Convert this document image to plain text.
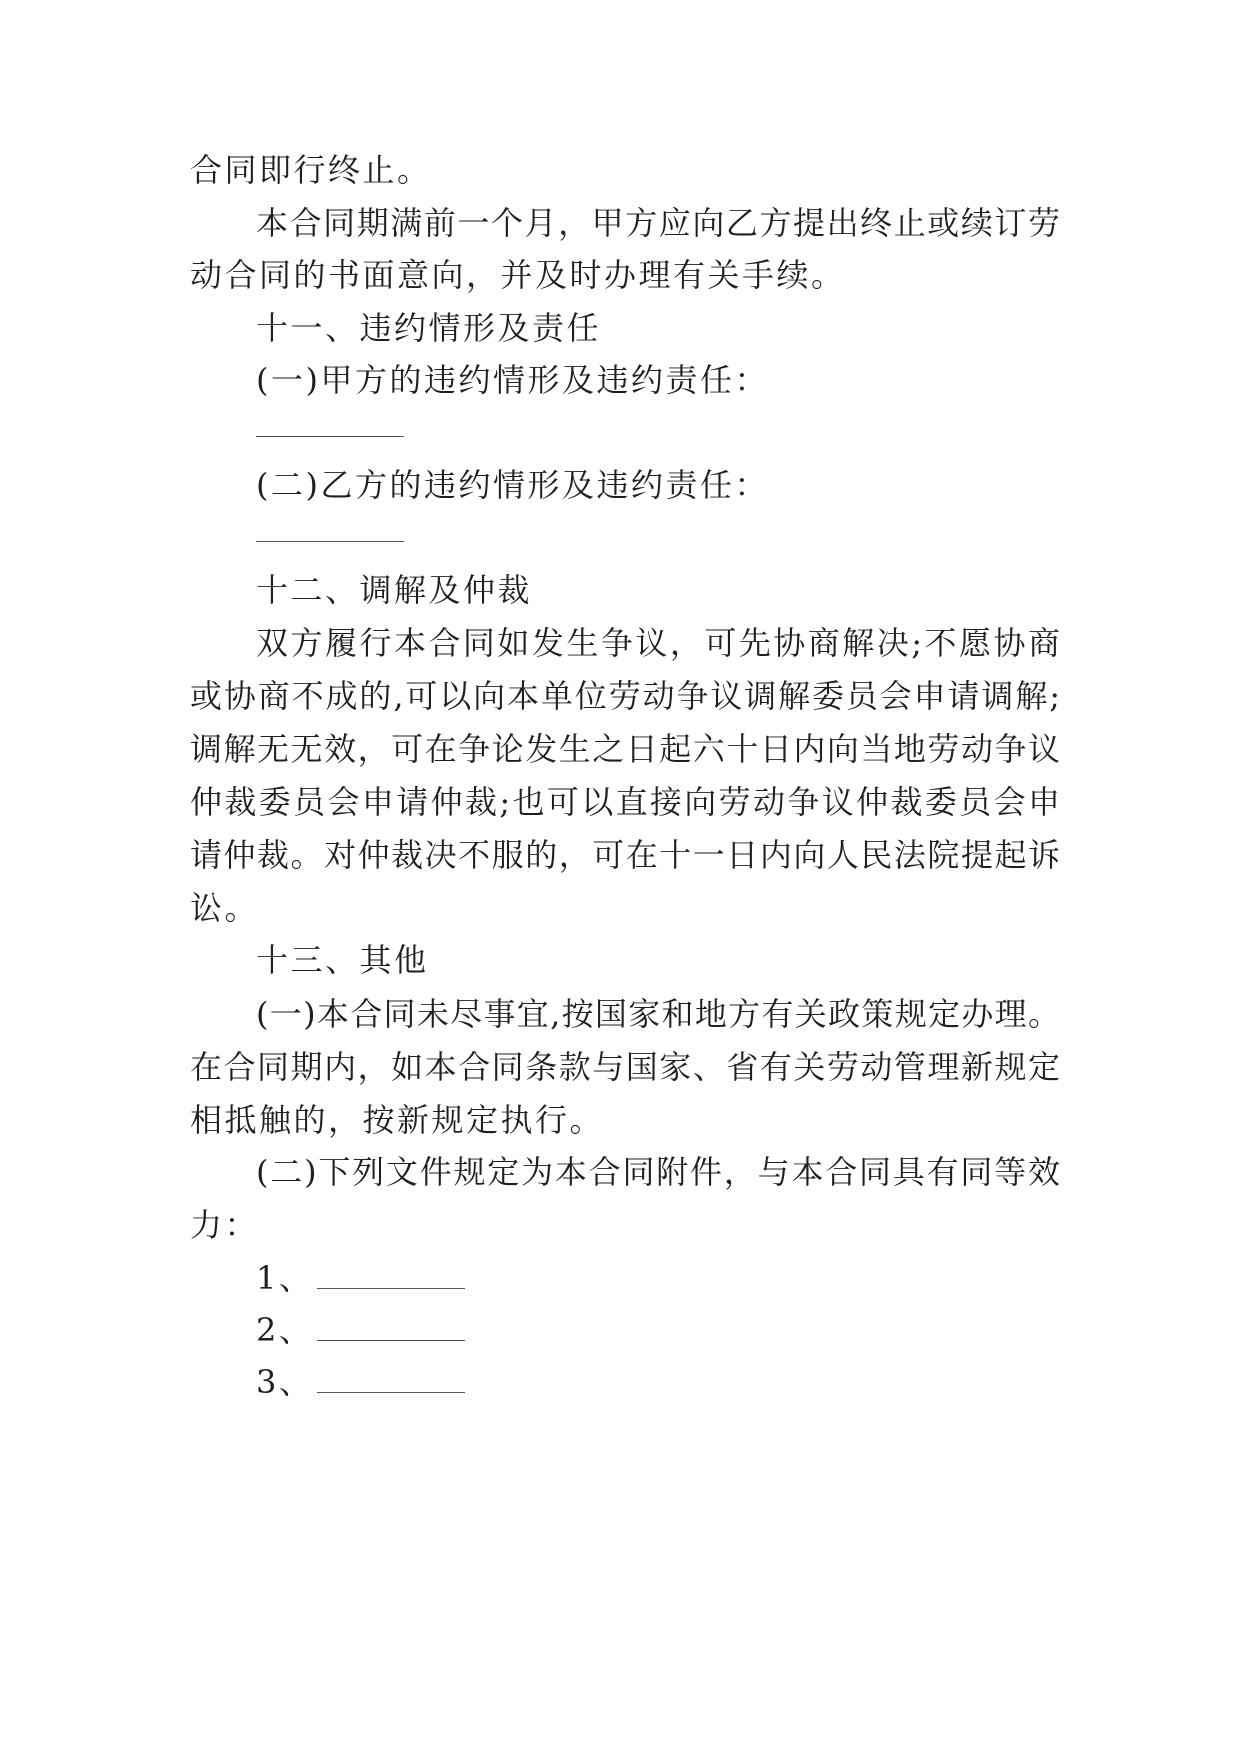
合同即行终止。
本合同期满前一个月，甲方应向乙方提出终止或续订劳
动合同的书面意向，并及时办理有关手续。
十一、违约情形及责任
(一)甲方的违约情形及违约责任：
(二)乙方的违约情形及违约责任：
十二、调解及仲裁
双方履行本合同如发生争议，可先协商解决;不愿协商
或协商不成的,可以向本单位劳动争议调解委员会申请调解;
调解无无效，可在争论发生之日起六十日内向当地劳动争议
仲裁委员会申请仲裁;也可以直接向劳动争议仲裁委员会申
请仲裁。对仲裁决不服的，可在十一日内向人民法院提起诉
讼。
十三、其他
(一)本合同未尽事宜,按国家和地方有关政策规定办理。
在合同期内，如本合同条款与国家、省有关劳动管理新规定
相抵触的，按新规定执行。
(二)下列文件规定为本合同附件，与本合同具有同等效
力：
1、
2、
3、
